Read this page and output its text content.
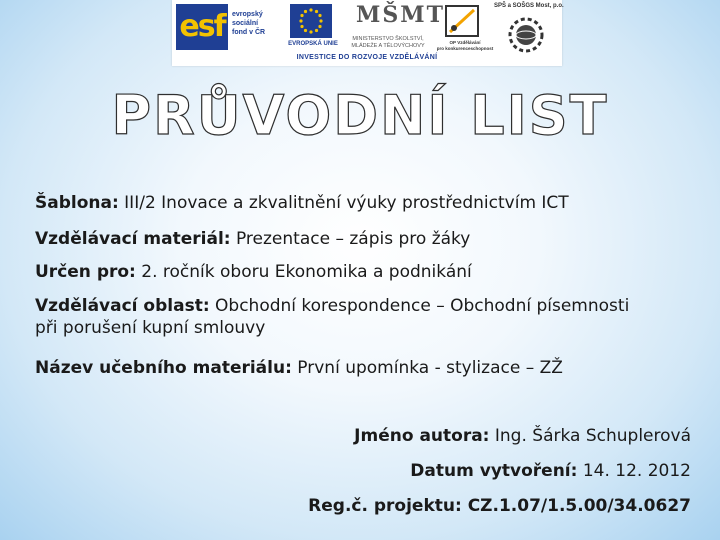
esf	evropský
sociální
fond v ČR
EVROPSKÁ UNIE
MŠMT
MINISTERSTVO ŠKOLSTVÍ,
MLÁDEŽE A TĚLOVÝCHOVY
OP Vzdělávání
pro konkurenceschopnost
SPŠ a SOŠGS Most, p.o.
INVESTICE DO ROZVOJE VZDĚLÁVÁNÍ
PRŮVODNÍ LIST
Šablona: III/2 Inovace a zkvalitnění výuky prostřednictvím ICT
Vzdělávací materiál: Prezentace – zápis pro žáky
Určen pro: 2. ročník oboru Ekonomika a podnikání
Vzdělávací oblast: Obchodní korespondence – Obchodní písemnosti při porušení kupní smlouvy
Název učebního materiálu: První upomínka - stylizace – ZŽ
Jméno autora: Ing. Šárka Schuplerová
Datum vytvoření: 14. 12. 2012
Reg.č. projektu: CZ.1.07/1.5.00/34.0627
